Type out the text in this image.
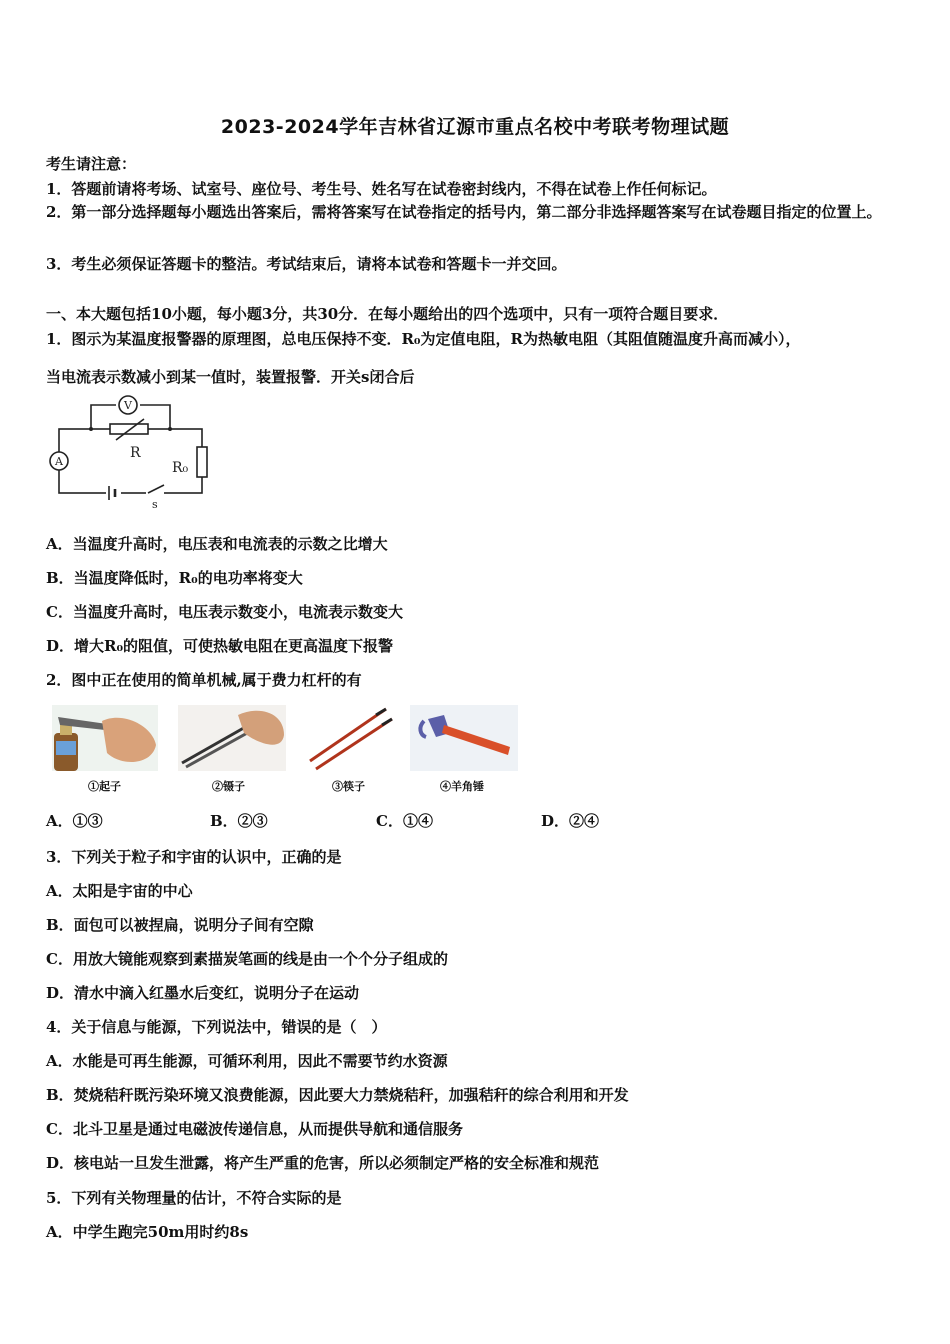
2023-2024学年吉林省辽源市重点名校中考联考物理试题
考生请注意：
1．答题前请将考场、试室号、座位号、考生号、姓名写在试卷密封线内，不得在试卷上作任何标记。
2．第一部分选择题每小题选出答案后，需将答案写在试卷指定的括号内，第二部分非选择题答案写在试卷题目指定的位置上。
3．考生必须保证答题卡的整洁。考试结束后，请将本试卷和答题卡一并交回。
一、本大题包括10小题，每小题3分，共30分．在每小题给出的四个选项中，只有一项符合题目要求．
1．图示为某温度报警器的原理图，总电压保持不变．R₀为定值电阻，R为热敏电阻（其阻值随温度升高而减小），
当电流表示数减小到某一值时，装置报警．开关s闭合后
V
A
R
R₀
s
A．当温度升高时，电压表和电流表的示数之比增大
B．当温度降低时，R₀的电功率将变大
C．当温度升高时，电压表示数变小，电流表示数变大
D．增大R₀的阻值，可使热敏电阻在更高温度下报警
2．图中正在使用的简单机械,属于费力杠杆的有
①起子	②镊子	③筷子	④羊角锤
A．①③	B．②③	C．①④	D．②④
3．下列关于粒子和宇宙的认识中，正确的是
A．太阳是宇宙的中心
B．面包可以被捏扁，说明分子间有空隙
C．用放大镜能观察到素描炭笔画的线是由一个个分子组成的
D．清水中滴入红墨水后变红，说明分子在运动
4．关于信息与能源，下列说法中，错误的是（　）
A．水能是可再生能源，可循环利用，因此不需要节约水资源
B．焚烧秸秆既污染环境又浪费能源，因此要大力禁烧秸秆，加强秸秆的综合利用和开发
C．北斗卫星是通过电磁波传递信息，从而提供导航和通信服务
D．核电站一旦发生泄露，将产生严重的危害，所以必须制定严格的安全标准和规范
5．下列有关物理量的估计，不符合实际的是
A．中学生跑完50m用时约8s
